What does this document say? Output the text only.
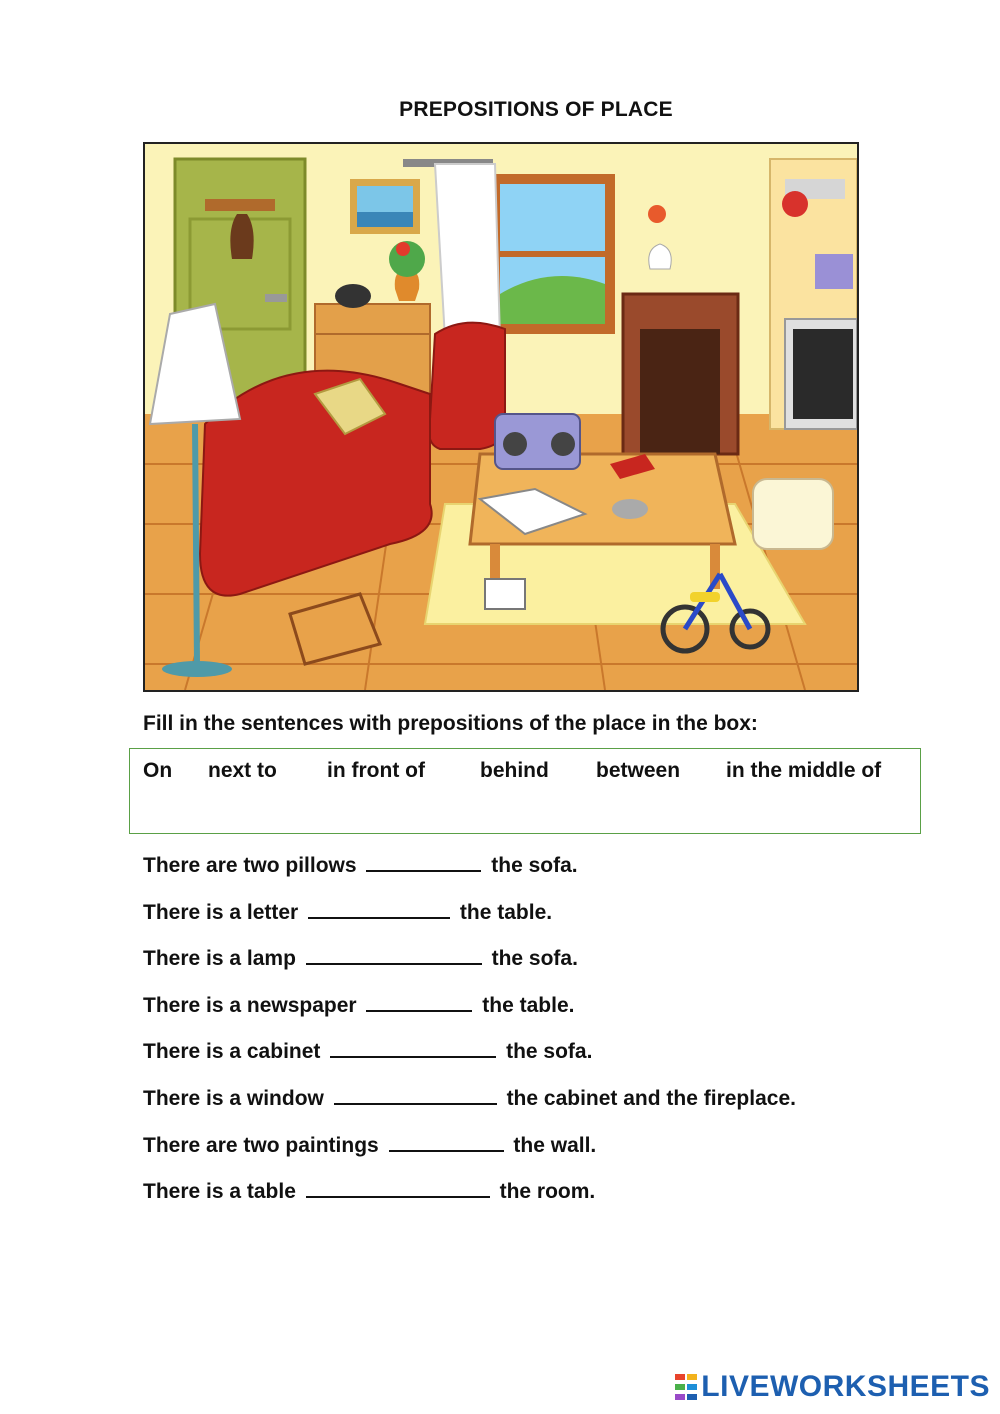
PREPOSITIONS OF PLACE
Fill in the sentences with prepositions of the place in the box:
On next to in front of	behind between in the middle of
There are two pillows	the sofa.
There is a letter	the table.
There is a lamp	the sofa.
There is a newspaper	the table.
There is a cabinet	the sofa.
There is a window	the cabinet and the fireplace.
There are two paintings	the wall.
There is a table	the room.
LIVEWORKSHEETS
